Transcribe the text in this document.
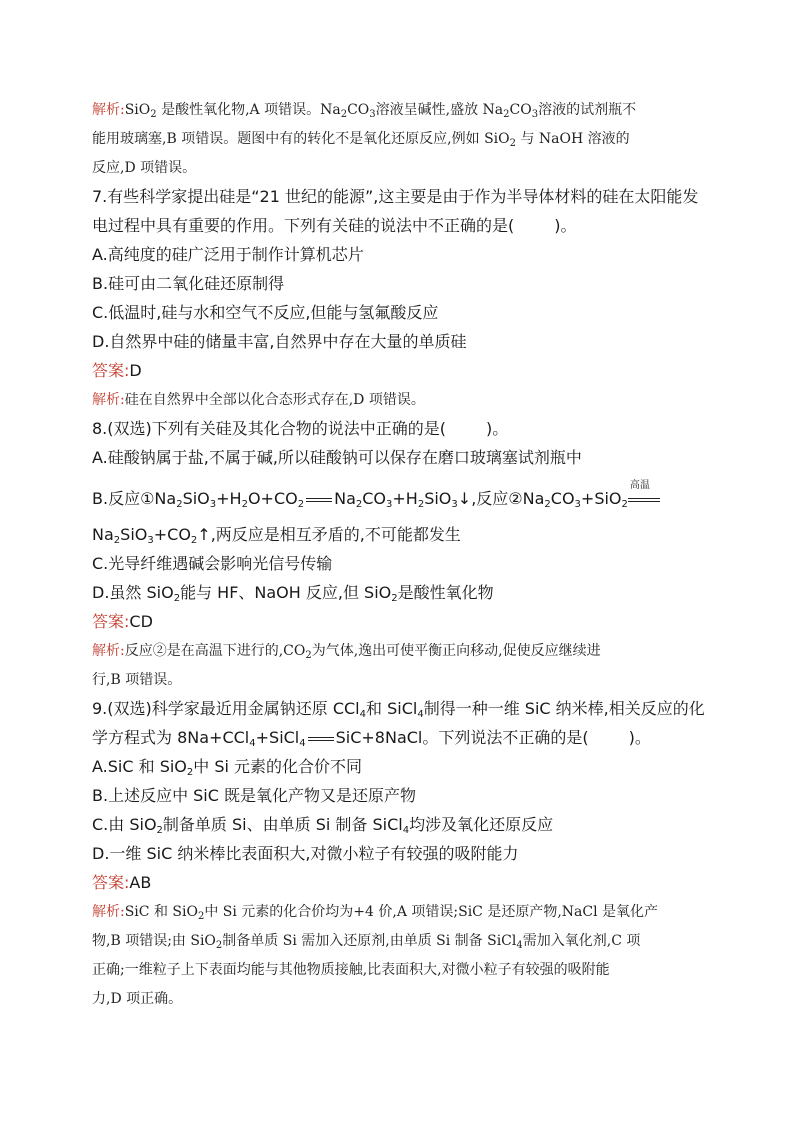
解析:SiO$_2$ 是酸性氧化物,A 项错误。$Na_2CO_3$溶液呈碱性,盛放 $Na_2CO_3$溶液的试剂瓶不
能用玻璃塞,B 项错误。题图中有的转化不是氧化还原反应,例如 SiO$_2$ 与 NaOH 溶液的
反应,D 项错误。
7.有些科学家提出硅是“21 世纪的能源”,这主要是由于作为半导体材料的硅在太阳能发
电过程中具有重要的作用。下列有关硅的说法中不正确的是(	)。
A.高纯度的硅广泛用于制作计算机芯片
B.硅可由二氧化硅还原制得
C.低温时,硅与水和空气不反应,但能与氢氟酸反应
D.自然界中硅的储量丰富,自然界中存在大量的单质硅
答案:D
解析:硅在自然界中全部以化合态形式存在,D 项错误。
8.(双选)下列有关硅及其化合物的说法中正确的是(	)。
A.硅酸钠属于盐,不属于碱,所以硅酸钠可以保存在磨口玻璃塞试剂瓶中
B.反应$①Na_2SiO_3+H_2O+CO_2$ $Na_2CO_3+H_2SiO_3↓$,反应$②Na_2CO_3+SiO_2$
高温
$Na_2SiO_3+CO_2↑$,两反应是相互矛盾的,不可能都发生
C.光导纤维遇碱会影响光信号传输
D.虽然 SiO$_2$能与 HF、NaOH 反应,但 SiO$_2$是酸性氧化物
答案:CD
解析:反应②是在高温下进行的$,CO_2$为气体,逸出可使平衡正向移动,促使反应继续进
行,B 项错误。
9.(双选)科学家最近用金属钠还原 CCl$_4$和 SiCl$_4$制得一种一维 SiC 纳米棒,相关反应的化
学方程式为 8Na+CCl$_4$+SiCl$_4$ SiC+8NaCl。下列说法不正确的是(	)。
A.SiC 和 SiO$_2$中 Si 元素的化合价不同
B.上述反应中 SiC 既是氧化产物又是还原产物
C.由 SiO$_2$制备单质 Si、由单质 Si 制备 SiCl$_4$均涉及氧化还原反应
D.一维 SiC 纳米棒比表面积大,对微小粒子有较强的吸附能力
答案:AB
解析:SiC 和 SiO$_2$中 Si 元素的化合价均为+4 价,A 项错误;SiC 是还原产物,NaCl 是氧化产
物,B 项错误;由 SiO$_2$制备单质 Si 需加入还原剂,由单质 Si 制备 SiCl$_4$需加入氧化剂,C 项
正确;一维粒子上下表面均能与其他物质接触,比表面积大,对微小粒子有较强的吸附能
力,D 项正确。
